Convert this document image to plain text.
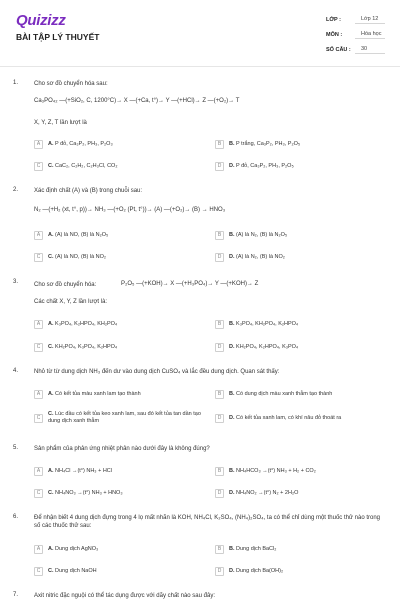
Quizizz
BÀI TẬP LÝ THUYẾT
LỚP :	Lớp 12
MÔN :	Hóa học
SỐ CÂU :	30
1.	Cho sơ đồ chuyển hóa sau:
Ca₃PO₄₂ —(+SiO₂, C, 1200°C)→ X —(+Ca, t°)→ Y —(+HCl)→ Z —(+O₂)→ T
X, Y, Z, T lần lượt là
A	A. P đỏ, Ca₃P₂, PH₃, P₂O₃	B	B. P trắng, Ca₃P₂, PH₃, P₂O₅
C	C. CaC₂, C₂H₂, C₂H₃Cl, CO₂	D	D. P đỏ, Ca₃P₂, PH₃, P₂O₅
2.	Xác định chất (A) và (B) trong chuỗi sau:
N₂ —(+H₂ (xt, t°, p))→ NH₃ —(+O₂ (Pt, t°))→ (A) —(+O₂)→ (B) → HNO₃
A	A. (A) là NO, (B) là N₂O₅	B	B. (A) là N₂, (B) là N₂O₅
C	C. (A) là NO, (B) là NO₂	D	D. (A) là N₂, (B) là NO₂
3.	Cho sơ đồ chuyển hóa:	P₂O₅ —(+KOH)→ X —(+H₃PO₄)→ Y —(+KOH)→ Z
Các chất X, Y, Z lần lượt là:
A	A. K₃PO₄, K₂HPO₄, KH₂PO₄	B	B. K₃PO₄, KH₂PO₄, K₂HPO₄
C	C. KH₂PO₄, K₃PO₄, K₂HPO₄	D	D. KH₂PO₄, K₂HPO₄, K₃PO₄
4.	Nhỏ từ từ dung dịch NH₃ đến dư vào dung dịch CuSO₄ và lắc đều dung dịch. Quan sát thấy:
A	A. Có kết tủa màu xanh lam tạo thành	B	B. Có dung dịch màu xanh thẫm tạo thành
C
C. Lúc đầu có kết tủa keo xanh lam, sau đó kết tủa tan dần tạo dung dịch xanh thẫm	D	D. Có kết tủa xanh lam, có khí nâu đỏ thoát ra
5.	Sản phẩm của phản ứng nhiệt phân nào dưới đây là không đúng?
A	A. NH₄Cl →(t°) NH₃ + HCl	B	B. NH₄HCO₃ →(t°) NH₃ + H₂ + CO₂
C	C. NH₄NO₃ →(t°) NH₃ + HNO₃	D	D. NH₄NO₂ →(t°) N₂ + 2H₂O
6.	Để nhận biết 4 dung dịch đựng trong 4 lọ mất nhãn là KOH, NH₄Cl, K₂SO₄, (NH₄)₂SO₄, ta có thể chỉ dùng một thuốc thử nào trong số các thuốc thử sau:
A	A. Dung dịch AgNO₃	B	B. Dung dịch BaCl₂
C	C. Dung dịch NaOH	D	D. Dung dịch Ba(OH)₂
7.	Axit nitric đặc nguội có thể tác dụng được với dãy chất nào sau đây:
